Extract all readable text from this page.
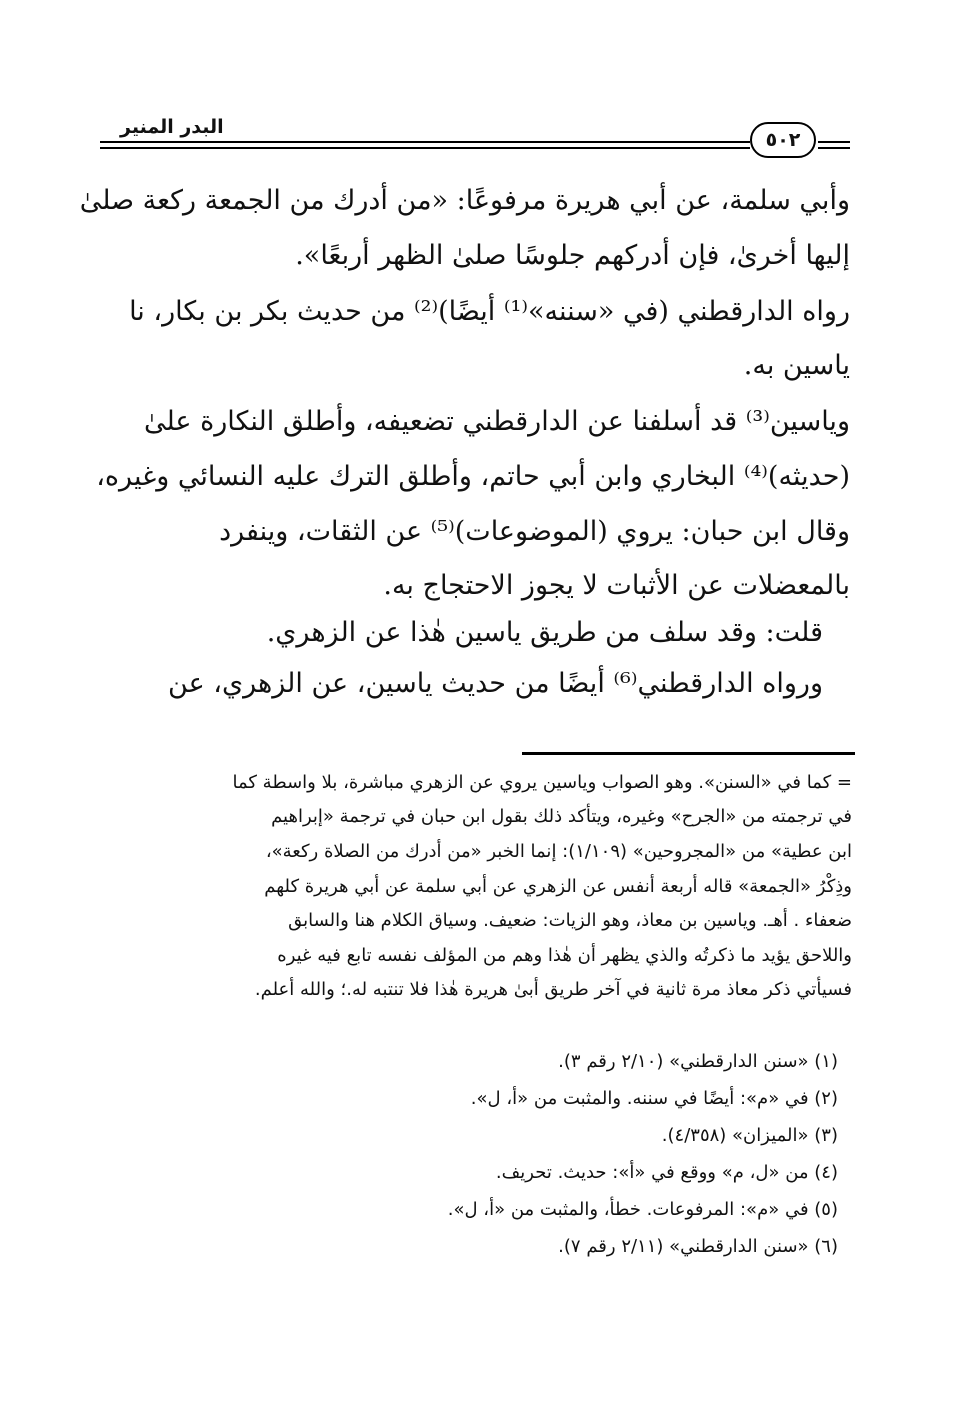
البدر المنير
٥٠٢
وأبي سلمة، عن أبي هريرة مرفوعًا: «من أدرك من الجمعة ركعة صلىٰ
إليها أخرىٰ، فإن أدركهم جلوسًا صلىٰ الظهر أربعًا».
رواه الدارقطني (في «سننه»⁽¹⁾ أيضًا)⁽²⁾ من حديث بكر بن بكار، نا
ياسين به.
وياسين⁽³⁾ قد أسلفنا عن الدارقطني تضعيفه، وأطلق النكارة علىٰ
(حديثه)⁽⁴⁾ البخاري وابن أبي حاتم، وأطلق الترك عليه النسائي وغيره،
وقال ابن حبان: يروي (الموضوعات)⁽⁵⁾ عن الثقات، وينفرد
بالمعضلات عن الأثبات لا يجوز الاحتجاج به.
قلت: وقد سلف من طريق ياسين هٰذا عن الزهري.
ورواه الدارقطني⁽⁶⁾ أيضًا من حديث ياسين، عن الزهري، عن
= كما في «السنن». وهو الصواب وياسين يروي عن الزهري مباشرة، بلا واسطة كما
في ترجمته من «الجرح» وغيره، ويتأكد ذلك بقول ابن حبان في ترجمة «إبراهيم
ابن عطية» من «المجروحين» (١/١٠٩): إنما الخبر «من أدرك من الصلاة ركعة»،
وذِكْرُ «الجمعة» قاله أربعة أنفس عن الزهري عن أبي سلمة عن أبي هريرة كلهم
ضعفاء . أهـ. وياسين بن معاذ، وهو الزيات: ضعيف. وسياق الكلام هنا والسابق
واللاحق يؤيد ما ذكرتُه والذي يظهر أن هٰذا وهم من المؤلف نفسه تابع فيه غيره
فسيأتي ذكر معاذ مرة ثانية في آخر طريق أبىٰ هريرة هٰذا فلا تنتبه له.؛ والله أعلم.
(١) «سنن الدارقطني» (٢/١٠ رقم ٣).
(٢) في «م»: أيضًا في سننه. والمثبت من «أ، ل».
(٣) «الميزان» (٤/٣٥٨).
(٤) من «ل، م» ووقع في «أ»: حديث. تحريف.
(٥) في «م»: المرفوعات. خطأ، والمثبت من «أ، ل».
(٦) «سنن الدارقطني» (٢/١١ رقم ٧).
